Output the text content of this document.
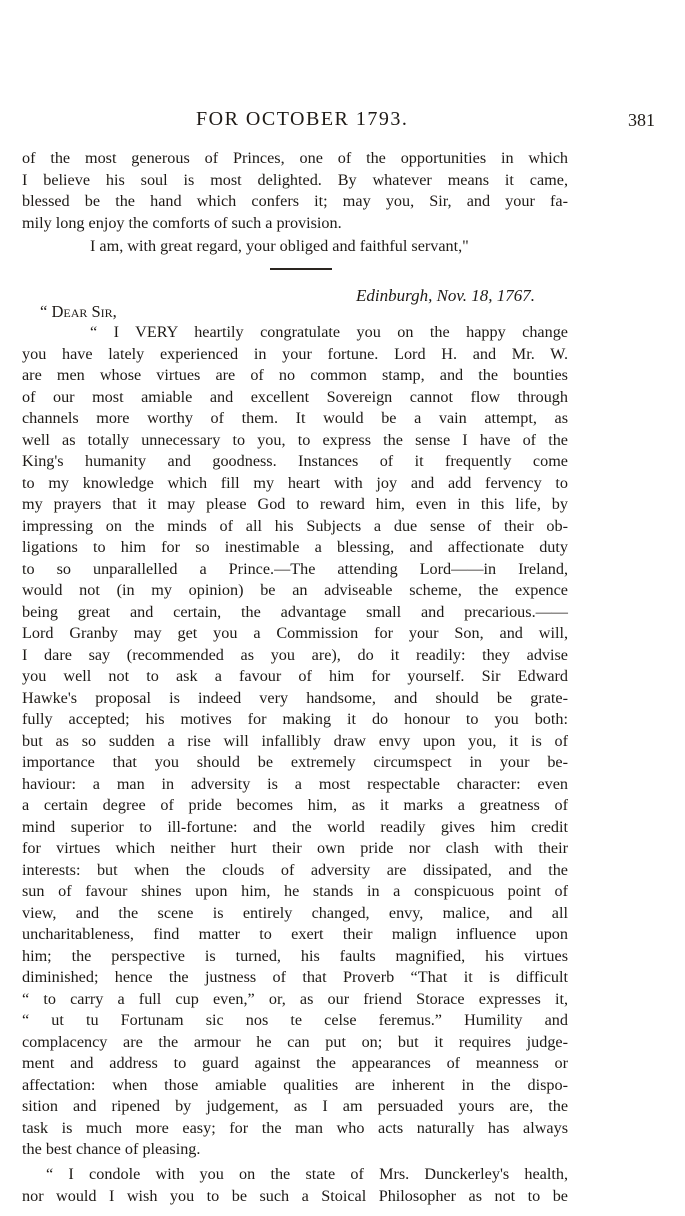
FOR OCTOBER 1793.	381
of the most generous of Princes, one of the opportunities in which
I believe his soul is most delighted. By whatever means it came,
blessed be the hand which confers it; may you, Sir, and your fa-
mily long enjoy the comforts of such a provision.
I am, with great regard, your obliged and faithful servant,"
Edinburgh, Nov. 18, 1767.
“ Dear Sir,
“ I VERY heartily congratulate you on the happy change
you have lately experienced in your fortune. Lord H. and Mr. W.
are men whose virtues are of no common stamp, and the bounties
of our most amiable and excellent Sovereign cannot flow through
channels more worthy of them. It would be a vain attempt, as
well as totally unnecessary to you, to express the sense I have of the
King's humanity and goodness. Instances of it frequently come
to my knowledge which fill my heart with joy and add fervency to
my prayers that it may please God to reward him, even in this life, by
impressing on the minds of all his Subjects a due sense of their ob-
ligations to him for so inestimable a blessing, and affectionate duty
to so unparallelled a Prince.—The attending Lord——in Ireland,
would not (in my opinion) be an adviseable scheme, the expence
being great and certain, the advantage small and precarious.——
Lord Granby may get you a Commission for your Son, and will,
I dare say (recommended as you are), do it readily: they advise
you well not to ask a favour of him for yourself. Sir Edward
Hawke's proposal is indeed very handsome, and should be grate-
fully accepted; his motives for making it do honour to you both:
but as so sudden a rise will infallibly draw envy upon you, it is of
importance that you should be extremely circumspect in your be-
haviour: a man in adversity is a most respectable character: even
a certain degree of pride becomes him, as it marks a greatness of
mind superior to ill-fortune: and the world readily gives him credit
for virtues which neither hurt their own pride nor clash with their
interests: but when the clouds of adversity are dissipated, and the
sun of favour shines upon him, he stands in a conspicuous point of
view, and the scene is entirely changed, envy, malice, and all
uncharitableness, find matter to exert their malign influence upon
him; the perspective is turned, his faults magnified, his virtues
diminished; hence the justness of that Proverb “That it is difficult
“ to carry a full cup even,” or, as our friend Storace expresses it,
“ ut tu Fortunam sic nos te celse feremus.” Humility and
complacency are the armour he can put on; but it requires judge-
ment and address to guard against the appearances of meanness or
affectation: when those amiable qualities are inherent in the dispo-
sition and ripened by judgement, as I am persuaded yours are, the
task is much more easy; for the man who acts naturally has always
the best chance of pleasing.
“ I condole with you on the state of Mrs. Dunckerley's health,
nor would I wish you to be such a Stoical Philosopher as not to be
